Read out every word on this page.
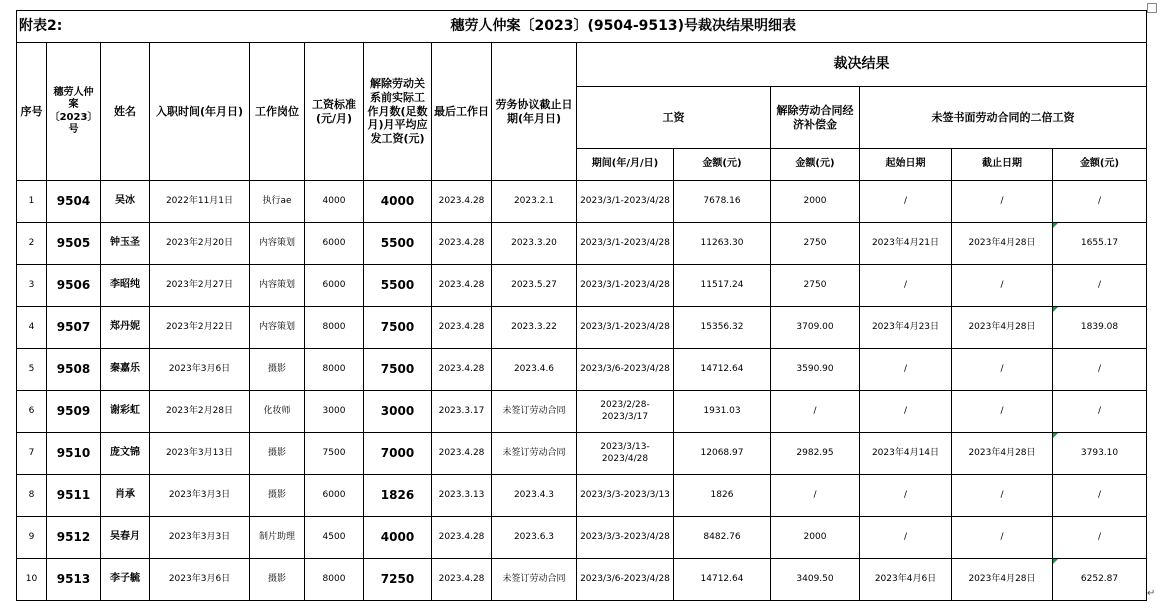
附表2:		穗劳人仲案〔2023〕(9504-9513)号裁决结果明细表												
序号	穗劳人仲案〔2023〕号	姓名	入职时间(年月日)	工作岗位	工资标准(元/月)	解除劳动关系前实际工作月数(足数月)月平均应发工资(元)	最后工作日	劳务协议截止日期(年月日)	裁决结果					
									工资		解除劳动合同经济补偿金	未签书面劳动合同的二倍工资		
									期间(年/月/日)	金额(元)	金额(元)	起始日期	截止日期	金额(元)
1	9504	吴冰	2022年11月1日	执行ae	4000	4000	2023.4.28	2023.2.1	2023/3/1-2023/4/28	7678.16	2000	/	/	/
2	9505	钟玉圣	2023年2月20日	内容策划	6000	5500	2023.4.28	2023.3.20	2023/3/1-2023/4/28	11263.30	2750	2023年4月21日	2023年4月28日	1655.17
3	9506	李昭纯	2023年2月27日	内容策划	6000	5500	2023.4.28	2023.5.27	2023/3/1-2023/4/28	11517.24	2750	/	/	/
4	9507	郑丹妮	2023年2月22日	内容策划	8000	7500	2023.4.28	2023.3.22	2023/3/1-2023/4/28	15356.32	3709.00	2023年4月23日	2023年4月28日	1839.08
5	9508	秦嘉乐	2023年3月6日	摄影	8000	7500	2023.4.28	2023.4.6	2023/3/6-2023/4/28	14712.64	3590.90	/	/	/
6	9509	谢彩虹	2023年2月28日	化妆师	3000	3000	2023.3.17	未签订劳动合同	2023/2/28-2023/3/17	1931.03	/	/	/	/
7	9510	庞文锦	2023年3月13日	摄影	7500	7000	2023.4.28	未签订劳动合同	2023/3/13-2023/4/28	12068.97	2982.95	2023年4月14日	2023年4月28日	3793.10
8	9511	肖承	2023年3月3日	摄影	6000	1826	2023.3.13	2023.4.3	2023/3/3-2023/3/13	1826	/	/	/	/
9	9512	吴春月	2023年3月3日	制片助理	4500	4000	2023.4.28	2023.6.3	2023/3/3-2023/4/28	8482.76	2000	/	/	/
10	9513	李子毓	2023年3月6日	摄影	8000	7250	2023.4.28	未签订劳动合同	2023/3/6-2023/4/28	14712.64	3409.50	2023年4月6日	2023年4月28日	6252.87
↵
